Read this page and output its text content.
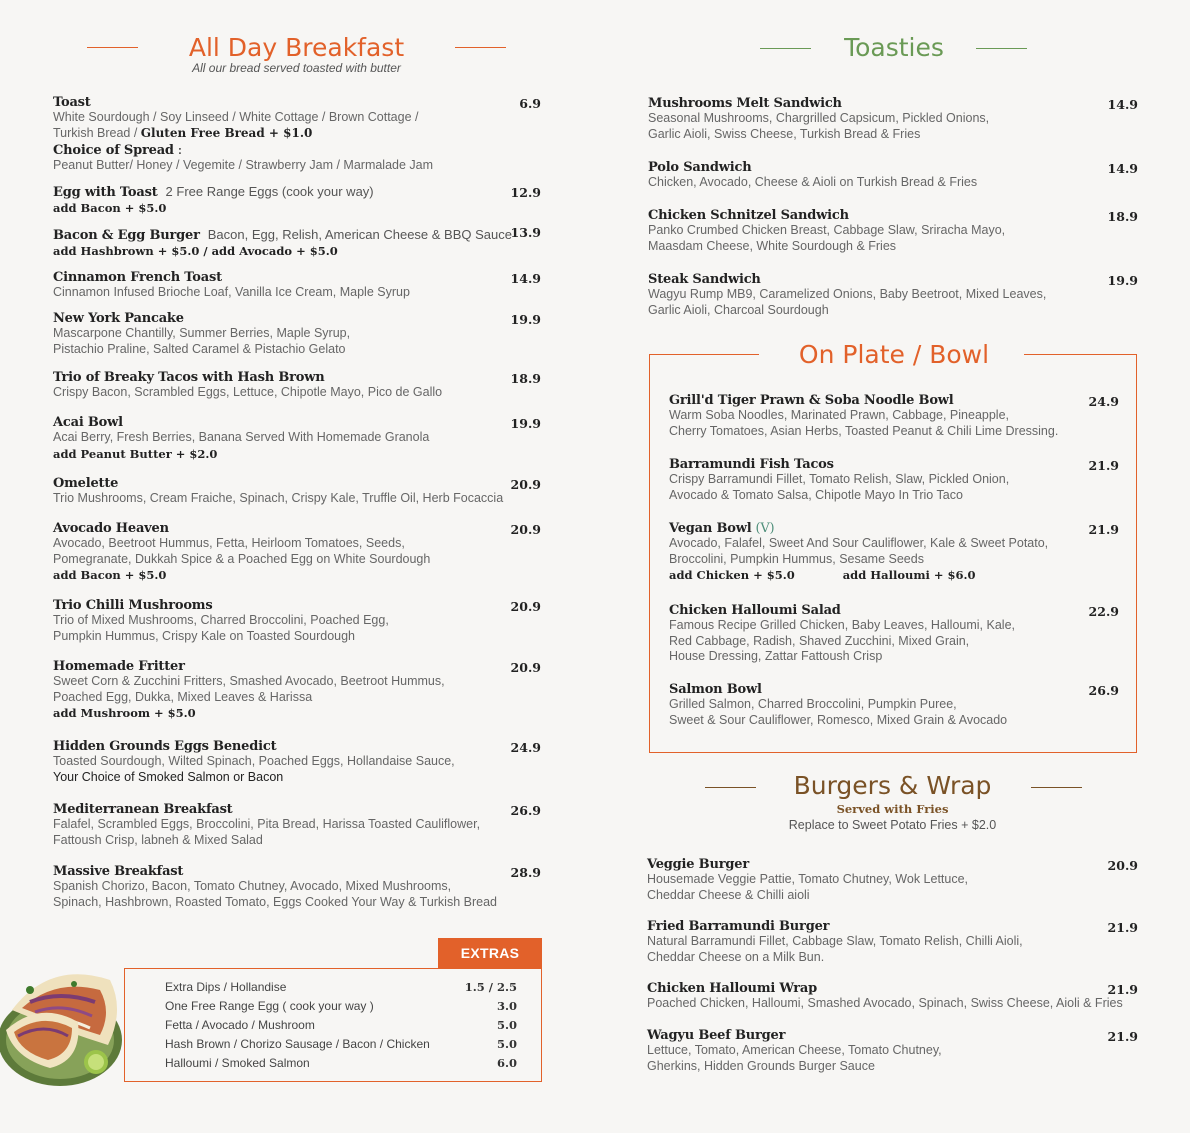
All Day Breakfast
All our bread served toasted with butter
EXTRAS
Toasties
On Plate / Bowl
Burgers & Wrap
Served with Fries
Replace to Sweet Potato Fries + $2.0
Toast
White Sourdough / Soy Linseed / White Cottage / Brown Cottage /
Turkish Bread / Gluten Free Bread + $1.0
Choice of Spread :
Peanut Butter/ Honey / Vegemite / Strawberry Jam / Marmalade Jam
6.9
Egg with Toast 2 Free Range Eggs (cook your way)
add Bacon + $5.0
12.9
Bacon & Egg Burger Bacon, Egg, Relish, American Cheese & BBQ Sauce
add Hashbrown + $5.0 / add Avocado + $5.0
13.9
Cinnamon French Toast
Cinnamon Infused Brioche Loaf, Vanilla Ice Cream, Maple Syrup
14.9
New York Pancake
Mascarpone Chantilly, Summer Berries, Maple Syrup,
Pistachio Praline, Salted Caramel & Pistachio Gelato
19.9
Trio of Breaky Tacos with Hash Brown
Crispy Bacon, Scrambled Eggs, Lettuce, Chipotle Mayo, Pico de Gallo
18.9
Acai Bowl
Acai Berry, Fresh Berries, Banana Served With Homemade Granola
add Peanut Butter + $2.0
19.9
Omelette
Trio Mushrooms, Cream Fraiche, Spinach, Crispy Kale, Truffle Oil, Herb Focaccia
20.9
Avocado Heaven
Avocado, Beetroot Hummus, Fetta, Heirloom Tomatoes, Seeds,
Pomegranate, Dukkah Spice & a Poached Egg on White Sourdough
add Bacon + $5.0
20.9
Trio Chilli Mushrooms
Trio of Mixed Mushrooms, Charred Broccolini, Poached Egg,
Pumpkin Hummus, Crispy Kale on Toasted Sourdough
20.9
Homemade Fritter
Sweet Corn & Zucchini Fritters, Smashed Avocado, Beetroot Hummus,
Poached Egg, Dukka, Mixed Leaves & Harissa
add Mushroom + $5.0
20.9
Hidden Grounds Eggs Benedict
Toasted Sourdough, Wilted Spinach, Poached Eggs, Hollandaise Sauce,
Your Choice of Smoked Salmon or Bacon
24.9
Mediterranean Breakfast
Falafel, Scrambled Eggs, Broccolini, Pita Bread, Harissa Toasted Cauliflower,
Fattoush Crisp, labneh & Mixed Salad
26.9
Massive Breakfast
Spanish Chorizo, Bacon, Tomato Chutney, Avocado, Mixed Mushrooms,
Spinach, Hashbrown, Roasted Tomato, Eggs Cooked Your Way & Turkish Bread
28.9
Mushrooms Melt Sandwich
Seasonal Mushrooms, Chargrilled Capsicum, Pickled Onions,
Garlic Aioli, Swiss Cheese, Turkish Bread & Fries
14.9
Polo Sandwich
Chicken, Avocado, Cheese & Aioli on Turkish Bread & Fries
14.9
Chicken Schnitzel Sandwich
Panko Crumbed Chicken Breast, Cabbage Slaw, Sriracha Mayo,
Maasdam Cheese, White Sourdough & Fries
18.9
Steak Sandwich
Wagyu Rump MB9, Caramelized Onions, Baby Beetroot, Mixed Leaves,
Garlic Aioli, Charcoal Sourdough
19.9
Grill'd Tiger Prawn & Soba Noodle Bowl
Warm Soba Noodles, Marinated Prawn, Cabbage, Pineapple,
Cherry Tomatoes, Asian Herbs, Toasted Peanut & Chili Lime Dressing.
24.9
Barramundi Fish Tacos
Crispy Barramundi Fillet, Tomato Relish, Slaw, Pickled Onion,
Avocado & Tomato Salsa, Chipotle Mayo In Trio Taco
21.9
Vegan Bowl (V)
Avocado, Falafel, Sweet And Sour Cauliflower, Kale & Sweet Potato,
Broccolini, Pumpkin Hummus, Sesame Seeds
add Chicken + $5.0	add Halloumi + $6.0
21.9
Chicken Halloumi Salad
Famous Recipe Grilled Chicken, Baby Leaves, Halloumi, Kale,
Red Cabbage, Radish, Shaved Zucchini, Mixed Grain,
House Dressing, Zattar Fattoush Crisp
22.9
Salmon Bowl
Grilled Salmon, Charred Broccolini, Pumpkin Puree,
Sweet & Sour Cauliflower, Romesco, Mixed Grain & Avocado
26.9
Veggie Burger
Housemade Veggie Pattie, Tomato Chutney, Wok Lettuce,
Cheddar Cheese & Chilli aioli
20.9
Fried Barramundi Burger
Natural Barramundi Fillet, Cabbage Slaw, Tomato Relish, Chilli Aioli,
Cheddar Cheese on a Milk Bun.
21.9
Chicken Halloumi Wrap
Poached Chicken, Halloumi, Smashed Avocado, Spinach, Swiss Cheese, Aioli & Fries
21.9
Wagyu Beef Burger
Lettuce, Tomato, American Cheese, Tomato Chutney,
Gherkins, Hidden Grounds Burger Sauce
21.9
Extra Dips / Hollandise	1.5 / 2.5
One Free Range Egg ( cook your way )	3.0
Fetta / Avocado / Mushroom	5.0
Hash Brown / Chorizo Sausage / Bacon / Chicken	5.0
Halloumi / Smoked Salmon	6.0
